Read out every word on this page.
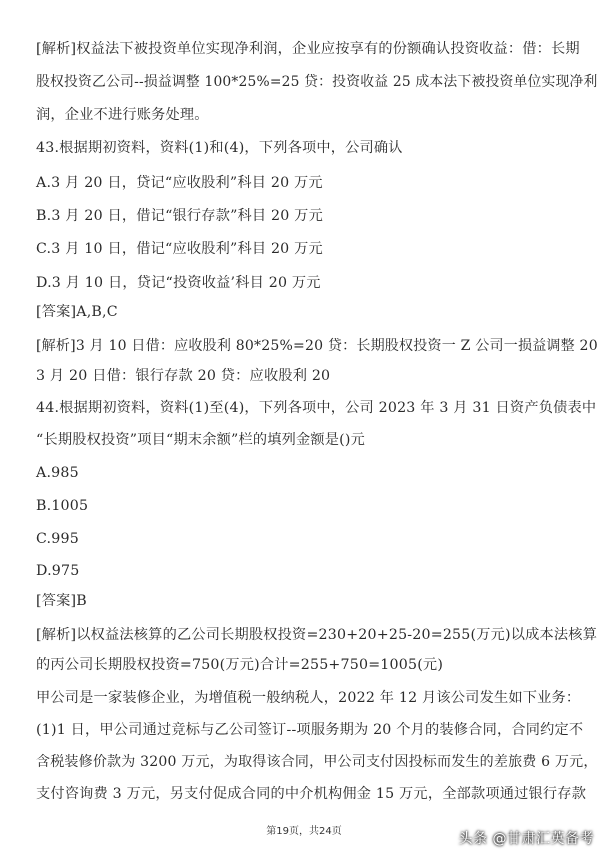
[解析]权益法下被投资单位实现净利润，企业应按享有的份额确认投资收益：借：长期
股权投资乙公司--损益调整 100*25%=25 贷：投资收益 25 成本法下被投资单位实现净利
润，企业不进行账务处理。
43.根据期初资料，资料(1)和(4)，下列各项中，公司确认
A.3 月 20 日，贷记“应收股利”科目 20 万元
B.3 月 20 日，借记“银行存款”科目 20 万元
C.3 月 10 日，借记“应收股利”科目 20 万元
D.3 月 10 日，贷记“投资收益’科目 20 万元
[答案]A,B,C
[解析]3 月 10 日借：应收股利 80*25%=20 贷：长期股权投资一 Z 公司一损益调整 20
3 月 20 日借：银行存款 20 贷：应收股利 20
44.根据期初资料，资料(1)至(4)，下列各项中，公司 2023 年 3 月 31 日资产负债表中
“长期股权投资”项目“期末余额”栏的填列金额是()元
A.985
B.1005
C.995
D.975
[答案]B
[解析]以权益法核算的乙公司长期股权投资=230+20+25-20=255(万元)以成本法核算
的丙公司长期股权投资=750(万元)合计=255+750=1005(元)
甲公司是一家装修企业，为增值税一般纳税人，2022 年 12 月该公司发生如下业务：
(1)1 日，甲公司通过竞标与乙公司签订--项服务期为 20 个月的装修合同，合同约定不
含税装修价款为 3200 万元，为取得该合同，甲公司支付因投标而发生的差旅费 6 万元，
支付咨询费 3 万元，另支付促成合同的中介机构佣金 15 万元，全部款项通过银行存款
第19页，共24页	头条 @甘肃汇英备考
